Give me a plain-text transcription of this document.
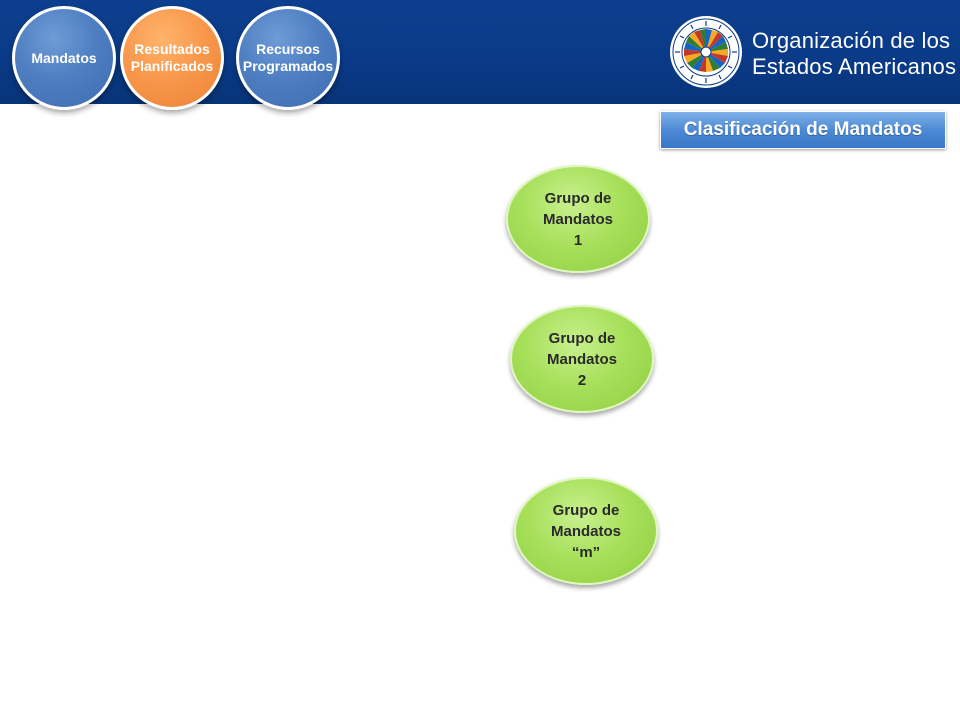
Mandatos
Resultados
Planificados
Recursos
Programados
Organización de los
Estados Americanos
Clasificación de Mandatos
Grupo de
Mandatos
1
Grupo de
Mandatos
2
Grupo de
Mandatos
“m”
